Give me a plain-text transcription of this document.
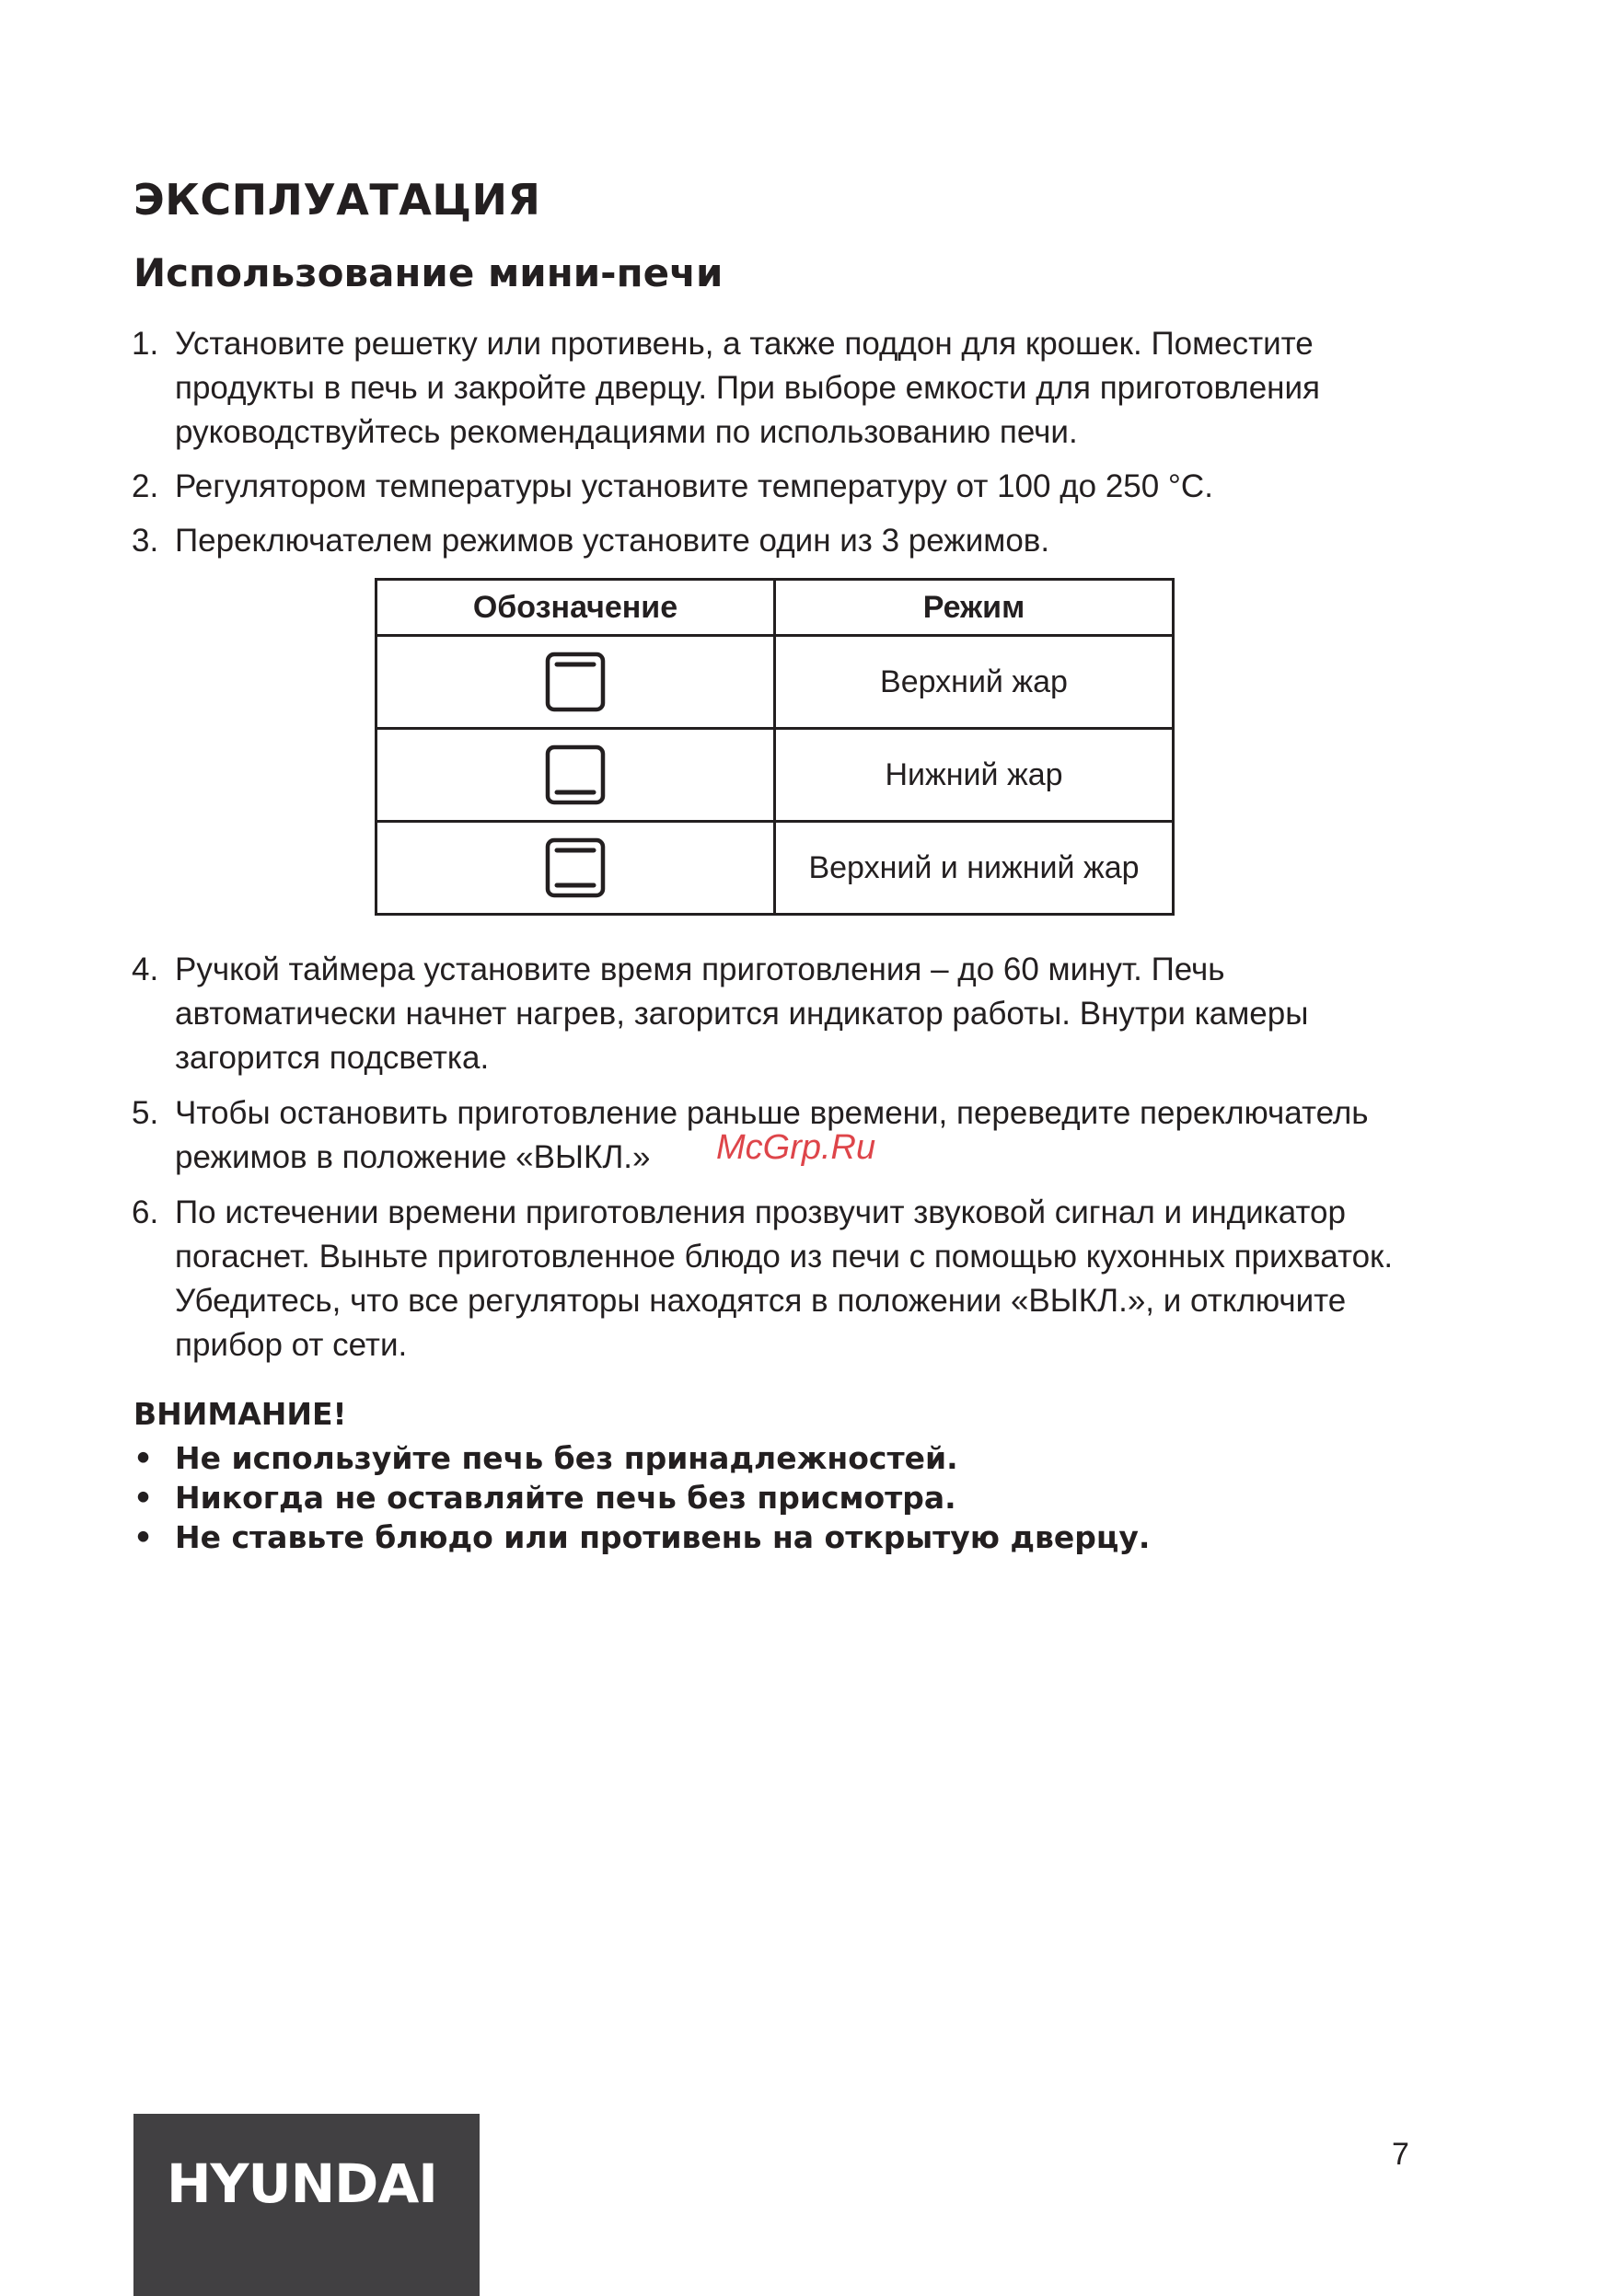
ЭКСПЛУАТАЦИЯ
Использование мини-печи
1. Установите решетку или противень, а также поддон для крошек. Поместите продукты в печь и закройте дверцу. При выборе емкости для приготовления руководствуйтесь рекомендациями по использованию печи.
2. Регулятором температуры установите температуру от 100 до 250 °С.
3. Переключателем режимов установите один из 3 режимов.
Обозначение	Режим

	Верхний жар

	Нижний жар

	Верхний и нижний жар
4. Ручкой таймера установите время приготовления – до 60 минут. Печь автоматически начнет нагрев, загорится индикатор работы. Внутри камеры загорится подсветка.
5. Чтобы остановить приготовление раньше времени, переведите переключатель режимов в положение «ВЫКЛ.»
6. По истечении времени приготовления прозвучит звуковой сигнал и индикатор погаснет. Выньте приготовленное блюдо из печи с помощью кухонных прихваток. Убедитесь, что все регуляторы находятся в положении «ВЫКЛ.», и отключите прибор от сети.
McGrp.Ru
ВНИМАНИЕ!
• Не используйте печь без принадлежностей.
• Никогда не оставляйте печь без присмотра.
• Не ставьте блюдо или противень на открытую дверцу.
HYUNDAI	7
